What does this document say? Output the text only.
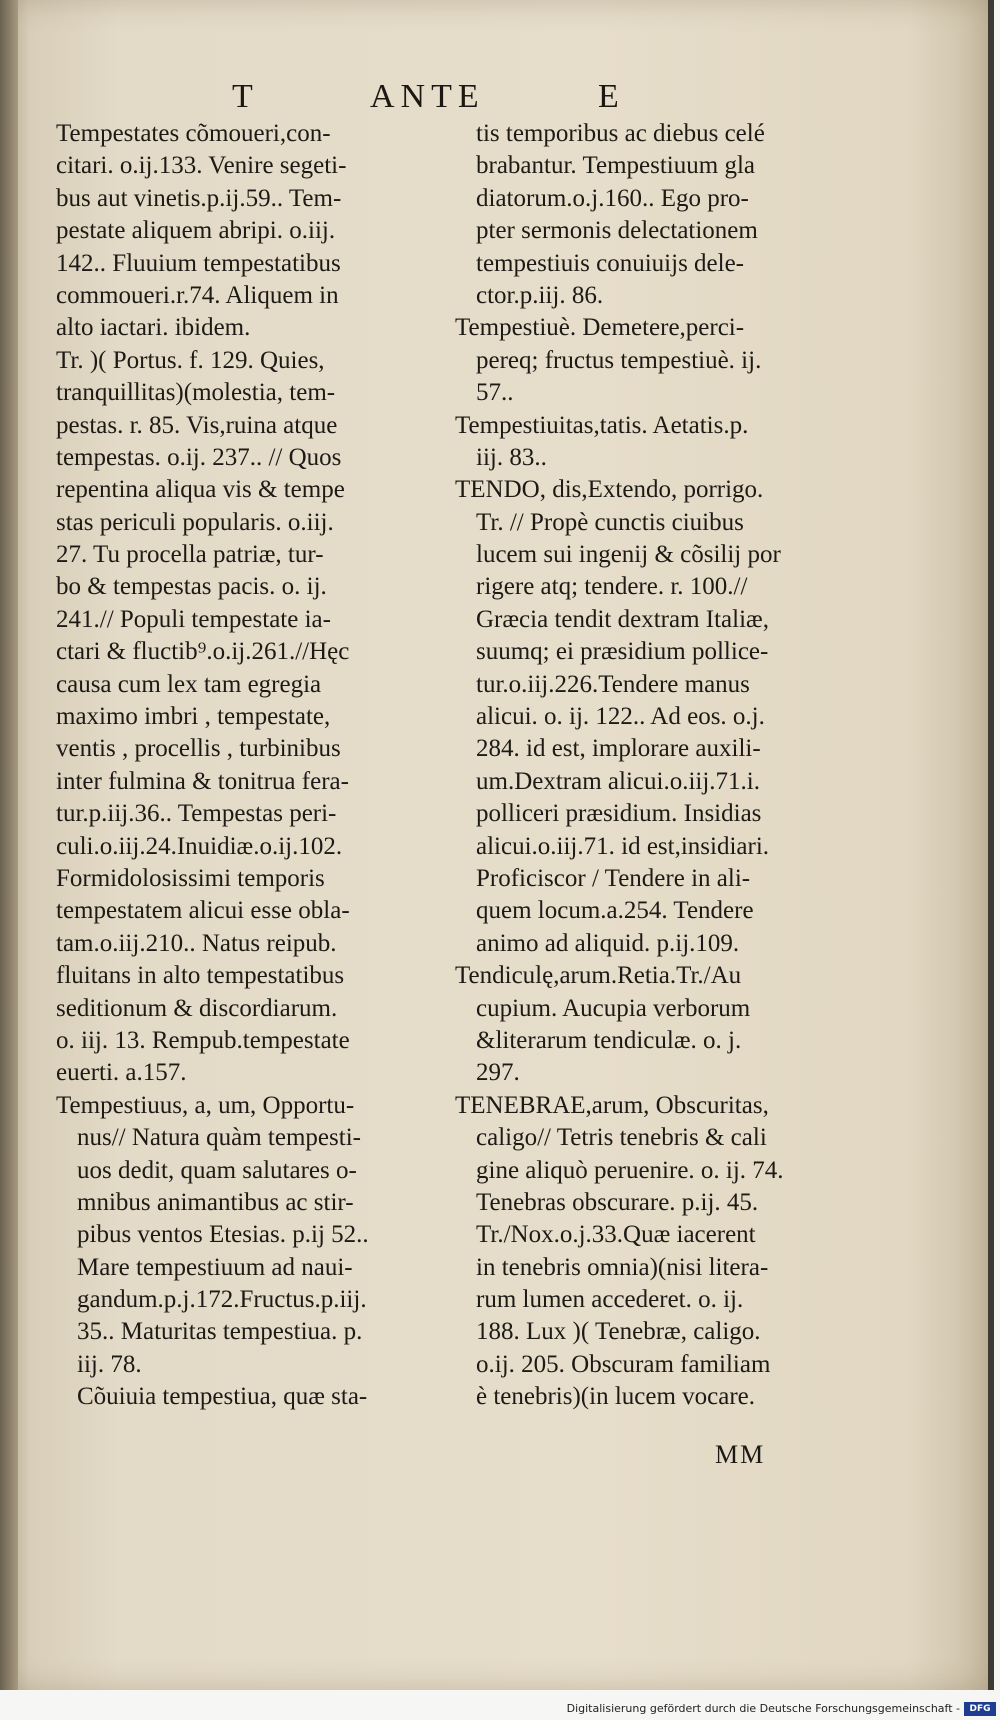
T	ANTE	E
Tempestates cõmoueri,con-
citari. o.ij.133. Venire segeti-
bus aut vinetis.p.ij.59.. Tem-
pestate aliquem abripi. o.iij.
142.. Fluuium tempestatibus
commoueri.r.74. Aliquem in
alto iactari. ibidem.
Tr. )( Portus. f. 129. Quies,
tranquillitas)(molestia, tem-
pestas. r. 85. Vis,ruina atque
tempestas. o.ij. 237.. // Quos
repentina aliqua vis & tempe
stas periculi popularis. o.iij.
27. Tu procella patriæ, tur-
bo & tempestas pacis. o. ij.
241.// Populi tempestate ia-
ctari & fluctib⁹.o.ij.261.//Hęc
causa cum lex tam egregia
maximo imbri , tempestate,
ventis , procellis , turbinibus
inter fulmina & tonitrua fera-
tur.p.iij.36.. Tempestas peri-
culi.o.iij.24.Inuidiæ.o.ij.102.
Formidolosissimi temporis
tempestatem alicui esse obla-
tam.o.iij.210.. Natus reipub.
fluitans in alto tempestatibus
seditionum & discordiarum.
o. iij. 13. Rempub.tempestate
euerti. a.157.
Tempestiuus, a, um, Opportu-
nus// Natura quàm tempesti-
uos dedit, quam salutares o-
mnibus animantibus ac stir-
pibus ventos Etesias. p.ij 52..
Mare tempestiuum ad naui-
gandum.p.j.172.Fructus.p.iij.
35.. Maturitas tempestiua. p.
iij. 78.
Cõuiuia tempestiua, quæ sta-
tis temporibus ac diebus celé
brabantur. Tempestiuum gla
diatorum.o.j.160.. Ego pro-
pter sermonis delectationem
tempestiuis conuiuijs dele-
ctor.p.iij. 86.
Tempestiuè. Demetere,perci-
pereq; fructus tempestiuè. ij.
57..
Tempestiuitas,tatis. Aetatis.p.
iij. 83..
TENDO, dis,Extendo, porrigo.
Tr. // Propè cunctis ciuibus
lucem sui ingenij & cõsilij por
rigere atq; tendere. r. 100.//
Græcia tendit dextram Italiæ,
suumq; ei præsidium pollice-
tur.o.iij.226.Tendere manus
alicui. o. ij. 122.. Ad eos. o.j.
284. id est, implorare auxili-
um.Dextram alicui.o.iij.71.i.
polliceri præsidium. Insidias
alicui.o.iij.71. id est,insidiari.
Proficiscor / Tendere in ali-
quem locum.a.254. Tendere
animo ad aliquid. p.ij.109.
Tendiculę,arum.Retia.Tr./Au
cupium. Aucupia verborum
&literarum tendiculæ. o. j.
297.
TENEBRAE,arum, Obscuritas,
caligo// Tetris tenebris & cali
gine aliquò peruenire. o. ij. 74.
Tenebras obscurare. p.ij. 45.
Tr./Nox.o.j.33.Quæ iacerent
in tenebris omnia)(nisi litera-
rum lumen accederet. o. ij.
188. Lux )( Tenebræ, caligo.
o.ij. 205. Obscuram familiam
è tenebris)(in lucem vocare.
MM
Digitalisierung gefördert durch die Deutsche Forschungsgemeinschaft -	DFG
